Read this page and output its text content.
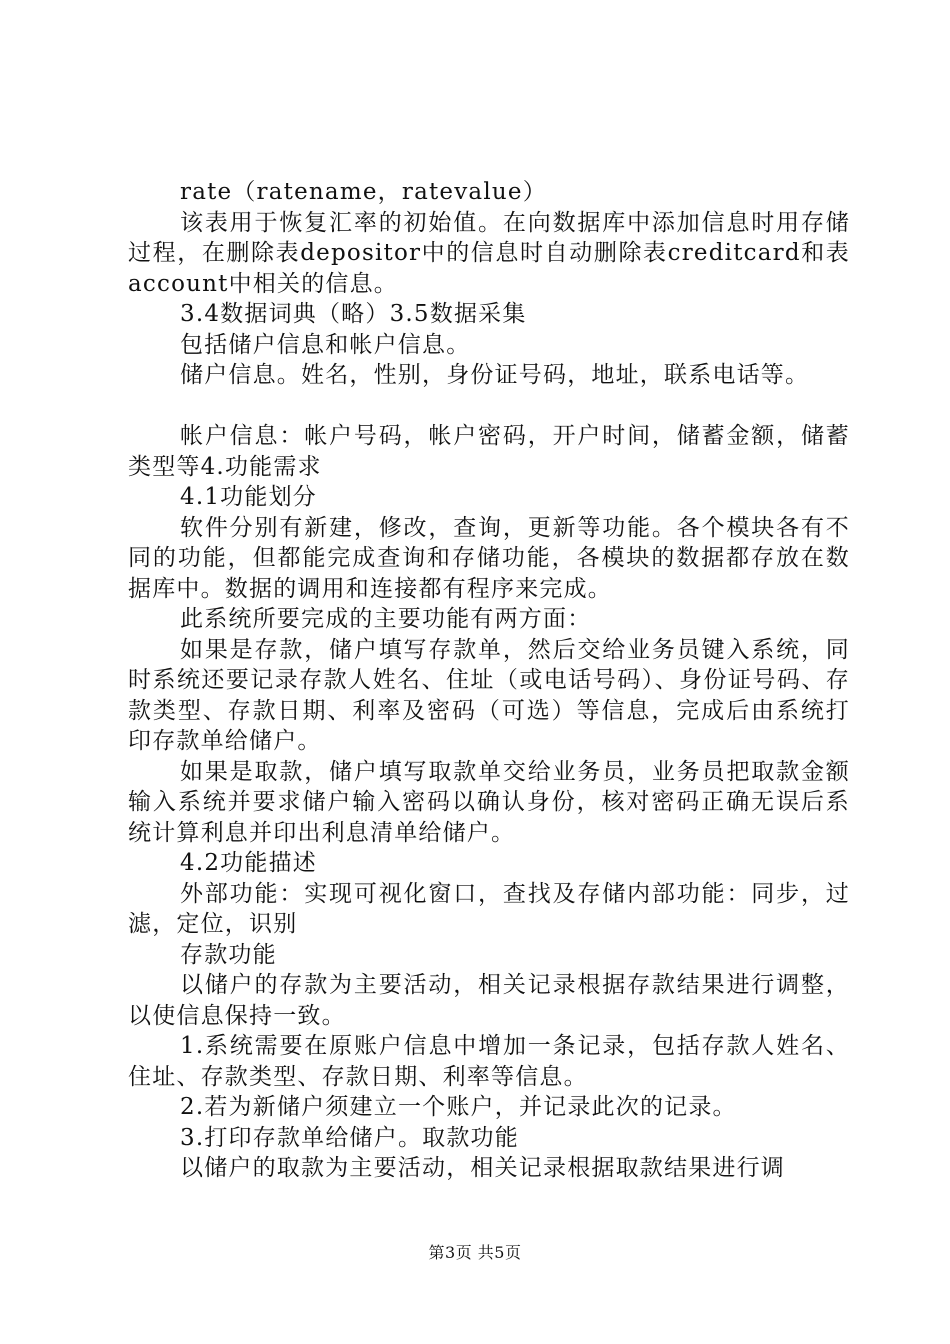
rate（ratename，ratevalue）

该表用于恢复汇率的初始值。在向数据库中添加信息时用存储过程，在删除表depositor中的信息时自动删除表creditcard和表account中相关的信息。

3.4数据词典（略）3.5数据采集

包括储户信息和帐户信息。

储户信息。姓名，性别，身份证号码，地址，联系电话等。

帐户信息：帐户号码，帐户密码，开户时间，储蓄金额，储蓄类型等4.功能需求

4.1功能划分

软件分别有新建，修改，查询，更新等功能。各个模块各有不同的功能，但都能完成查询和存储功能，各模块的数据都存放在数据库中。数据的调用和连接都有程序来完成。

此系统所要完成的主要功能有两方面：

如果是存款，储户填写存款单，然后交给业务员键入系统，同时系统还要记录存款人姓名、住址（或电话号码）、身份证号码、存款类型、存款日期、利率及密码（可选）等信息，完成后由系统打印存款单给储户。

如果是取款，储户填写取款单交给业务员，业务员把取款金额输入系统并要求储户输入密码以确认身份，核对密码正确无误后系统计算利息并印出利息清单给储户。

4.2功能描述

外部功能：实现可视化窗口，查找及存储内部功能：同步，过滤，定位，识别

存款功能

以储户的存款为主要活动，相关记录根据存款结果进行调整，以使信息保持一致。

1.系统需要在原账户信息中增加一条记录，包括存款人姓名、住址、存款类型、存款日期、利率等信息。

2.若为新储户须建立一个账户，并记录此次的记录。

3.打印存款单给储户。取款功能

以储户的取款为主要活动，相关记录根据取款结果进行调

第3页 共5页
